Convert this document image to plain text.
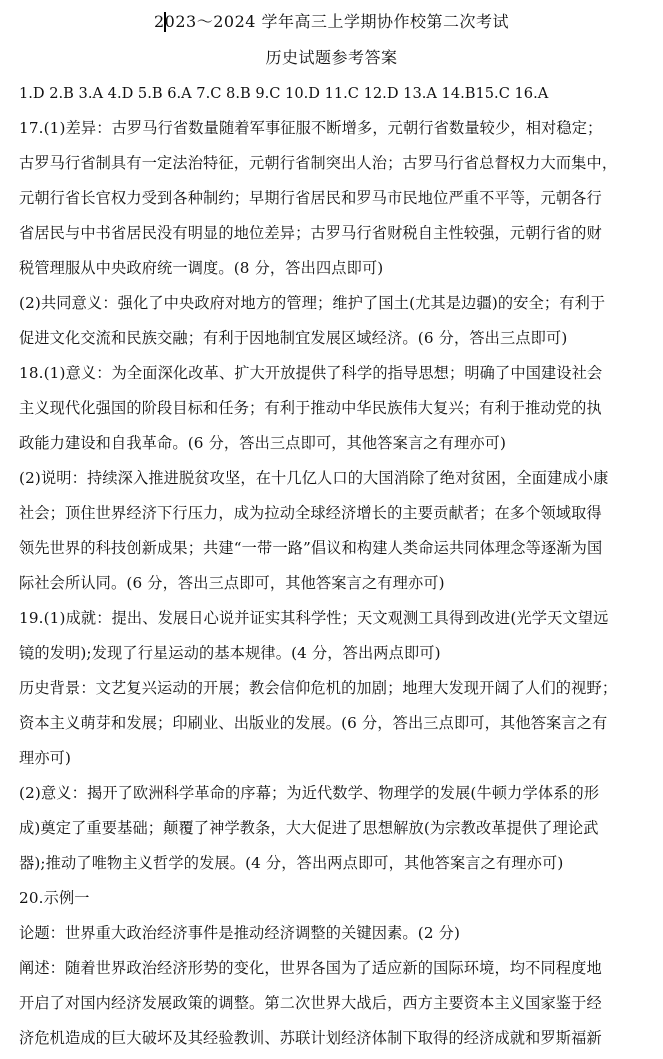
2023～2024 学年高三上学期协作校第二次考试
历史试题参考答案
1.D 2.B 3.A 4.D 5.B 6.A 7.C 8.B 9.C 10.D 11.C 12.D 13.A 14.B15.C 16.A
17.(1)差异：古罗马行省数量随着军事征服不断增多，元朝行省数量较少，相对稳定；
古罗马行省制具有一定法治特征，元朝行省制突出人治；古罗马行省总督权力大而集中，
元朝行省长官权力受到各种制约；早期行省居民和罗马市民地位严重不平等，元朝各行
省居民与中书省居民没有明显的地位差异；古罗马行省财税自主性较强，元朝行省的财
税管理服从中央政府统一调度。(8 分，答出四点即可)
(2)共同意义：强化了中央政府对地方的管理；维护了国土(尤其是边疆)的安全；有利于
促进文化交流和民族交融；有利于因地制宜发展区域经济。(6 分，答出三点即可)
18.(1)意义：为全面深化改革、扩大开放提供了科学的指导思想；明确了中国建设社会
主义现代化强国的阶段目标和任务；有利于推动中华民族伟大复兴；有利于推动党的执
政能力建设和自我革命。(6 分，答出三点即可，其他答案言之有理亦可)
(2)说明：持续深入推进脱贫攻坚，在十几亿人口的大国消除了绝对贫困，全面建成小康
社会；顶住世界经济下行压力，成为拉动全球经济增长的主要贡献者；在多个领域取得
领先世界的科技创新成果；共建“一带一路”倡议和构建人类命运共同体理念等逐渐为国
际社会所认同。(6 分，答出三点即可，其他答案言之有理亦可)
19.(1)成就：提出、发展日心说并证实其科学性；天文观测工具得到改进(光学天文望远
镜的发明);发现了行星运动的基本规律。(4 分，答出两点即可)
历史背景：文艺复兴运动的开展；教会信仰危机的加剧；地理大发现开阔了人们的视野；
资本主义萌芽和发展；印刷业、出版业的发展。(6 分，答出三点即可，其他答案言之有
理亦可)
(2)意义：揭开了欧洲科学革命的序幕；为近代数学、物理学的发展(牛顿力学体系的形
成)奠定了重要基础；颠覆了神学教条，大大促进了思想解放(为宗教改革提供了理论武
器);推动了唯物主义哲学的发展。(4 分，答出两点即可，其他答案言之有理亦可)
20.示例一
论题：世界重大政治经济事件是推动经济调整的关键因素。(2 分)
阐述：随着世界政治经济形势的变化，世界各国为了适应新的国际环境，均不同程度地
开启了对国内经济发展政策的调整。第二次世界大战后，西方主要资本主义国家鉴于经
济危机造成的巨大破坏及其经验教训、苏联计划经济体制下取得的经济成就和罗斯福新
